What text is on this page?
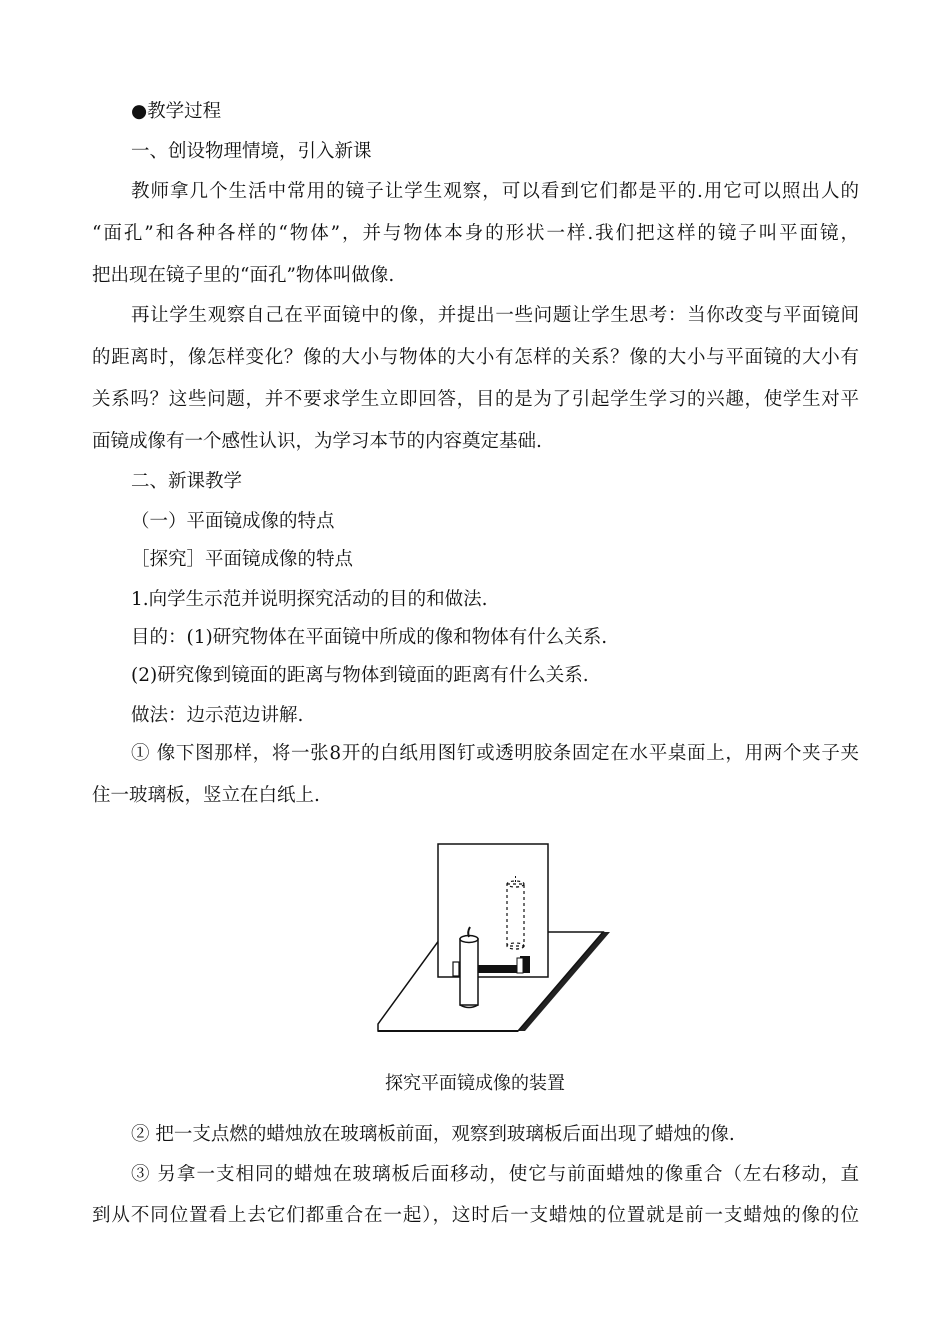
●教学过程
一、创设物理情境，引入新课
教师拿几个生活中常用的镜子让学生观察，可以看到它们都是平的.用它可以照出人的
“面孔”和各种各样的“物体”，并与物体本身的形状一样.我们把这样的镜子叫平面镜，
把出现在镜子里的“面孔”物体叫做像.
再让学生观察自己在平面镜中的像，并提出一些问题让学生思考：当你改变与平面镜间
的距离时，像怎样变化？像的大小与物体的大小有怎样的关系？像的大小与平面镜的大小有
关系吗？这些问题，并不要求学生立即回答，目的是为了引起学生学习的兴趣，使学生对平
面镜成像有一个感性认识，为学习本节的内容奠定基础.
二、新课教学
（一）平面镜成像的特点
［探究］平面镜成像的特点
1.向学生示范并说明探究活动的目的和做法.
目的：(1)研究物体在平面镜中所成的像和物体有什么关系.
(2)研究像到镜面的距离与物体到镜面的距离有什么关系.
做法：边示范边讲解.
① 像下图那样，将一张8开的白纸用图钉或透明胶条固定在水平桌面上，用两个夹子夹
住一玻璃板，竖立在白纸上.
探究平面镜成像的装置
② 把一支点燃的蜡烛放在玻璃板前面，观察到玻璃板后面出现了蜡烛的像.
③ 另拿一支相同的蜡烛在玻璃板后面移动，使它与前面蜡烛的像重合（左右移动，直
到从不同位置看上去它们都重合在一起），这时后一支蜡烛的位置就是前一支蜡烛的像的位
